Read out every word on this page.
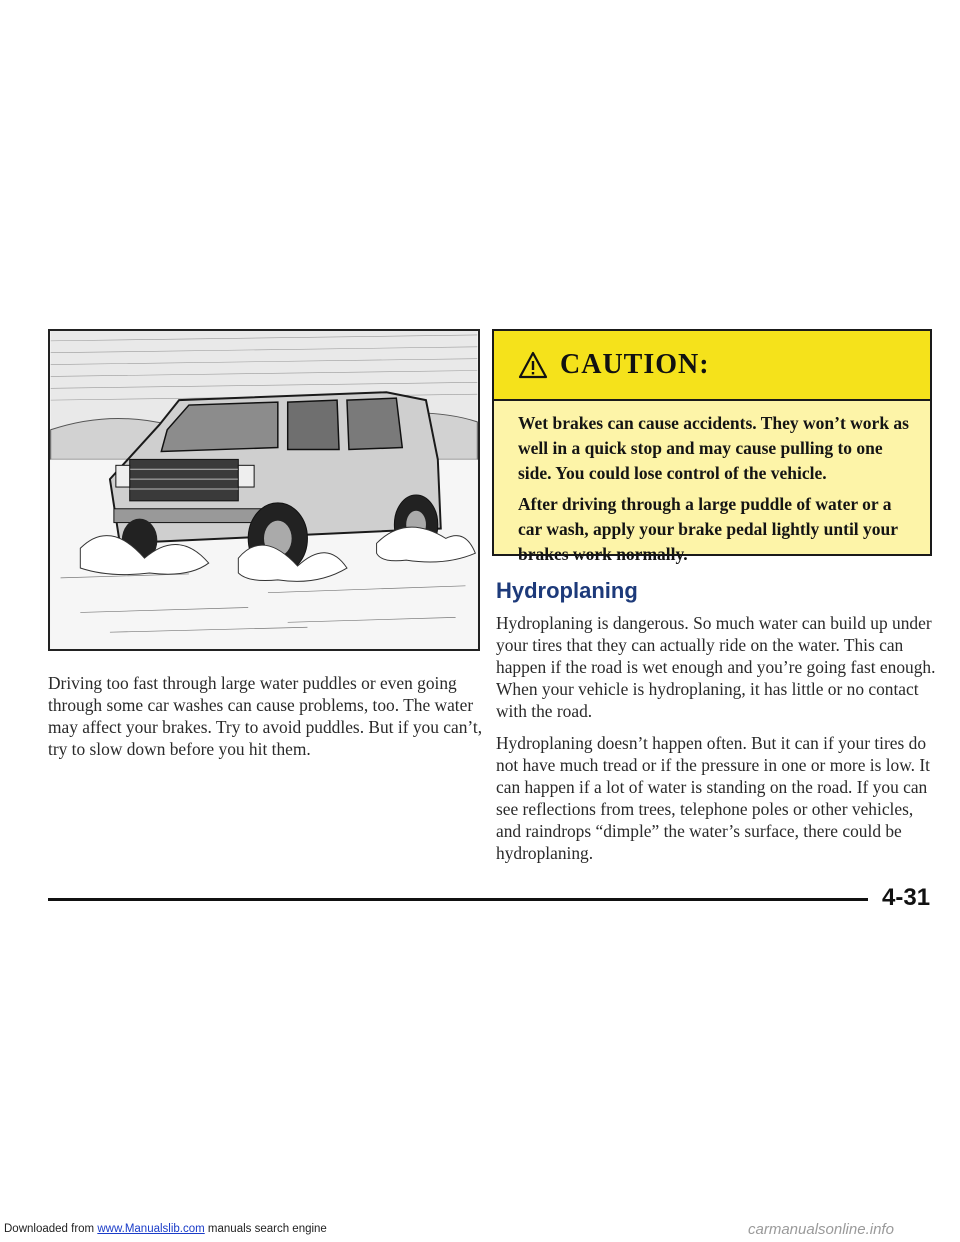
Driving too fast through large water puddles or even going through some car washes can cause problems, too. The water may affect your brakes. Try to avoid puddles. But if you can’t, try to slow down before you hit them.

CAUTION:

Wet brakes can cause accidents. They won’t work as well in a quick stop and may cause pulling to one side. You could lose control of the vehicle.

After driving through a large puddle of water or a car wash, apply your brake pedal lightly until your brakes work normally.

Hydroplaning

Hydroplaning is dangerous. So much water can build up under your tires that they can actually ride on the water. This can happen if the road is wet enough and you’re going fast enough. When your vehicle is hydroplaning, it has little or no contact with the road.

Hydroplaning doesn’t happen often. But it can if your tires do not have much tread or if the pressure in one or more is low. It can happen if a lot of water is standing on the road. If you can see reflections from trees, telephone poles or other vehicles, and raindrops “dimple” the water’s surface, there could be hydroplaning.

4-31
Downloaded from www.Manualslib.com manuals search engine	carmanualsonline.info
